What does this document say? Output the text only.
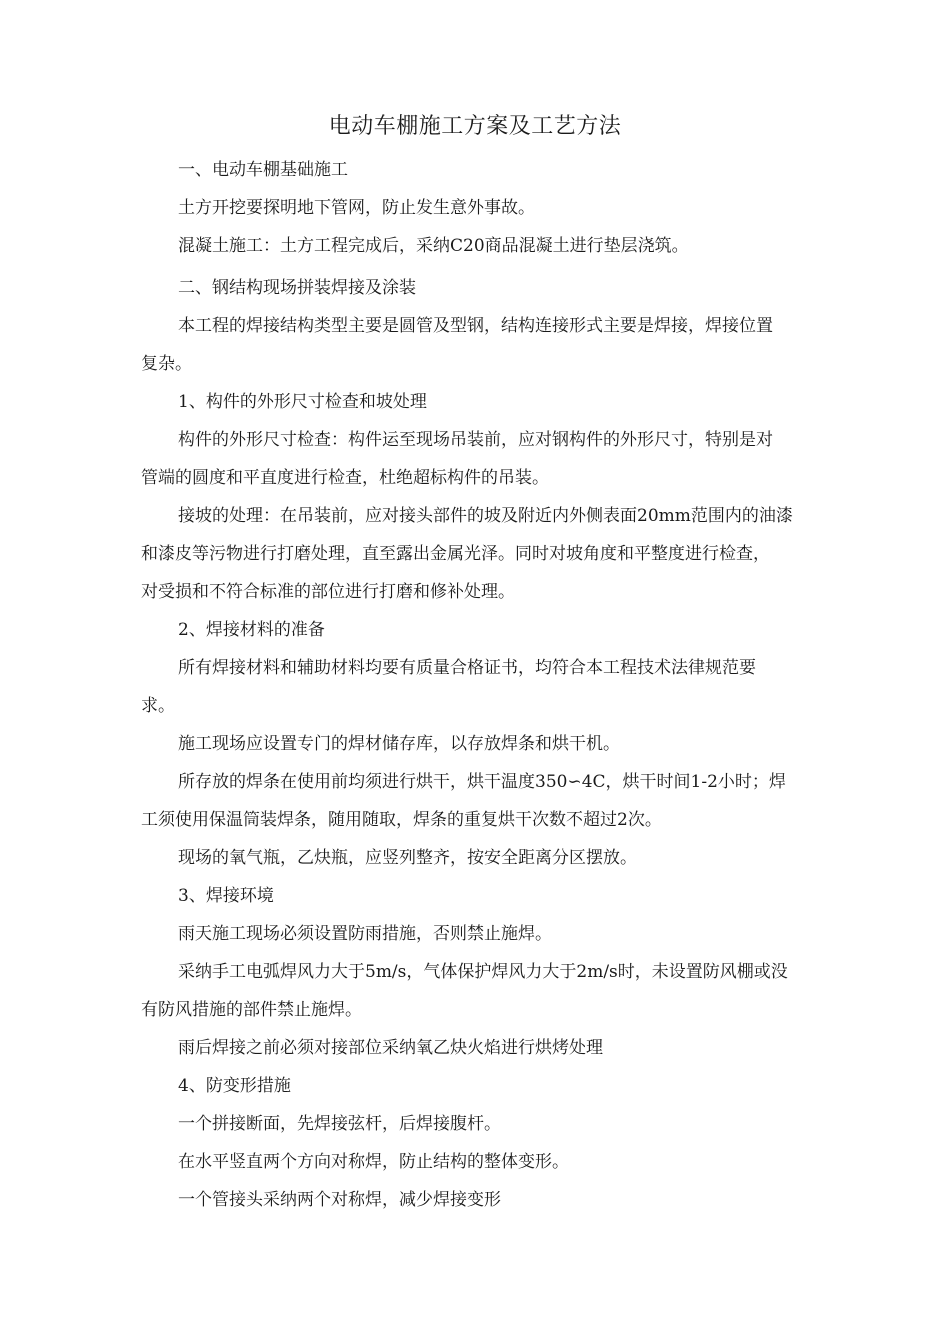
电动车棚施工方案及工艺方法
一、电动车棚基础施工
土方开挖要探明地下管网，防止发生意外事故。
混凝土施工：土方工程完成后，采纳C20商品混凝土进行垫层浇筑。
二、钢结构现场拼装焊接及涂装
本工程的焊接结构类型主要是圆管及型钢，结构连接形式主要是焊接，焊接位置
复杂。
1、构件的外形尺寸检查和坡处理
构件的外形尺寸检查：构件运至现场吊装前，应对钢构件的外形尺寸，特别是对
管端的圆度和平直度进行检查，杜绝超标构件的吊装。
接坡的处理：在吊装前，应对接头部件的坡及附近内外侧表面20mm范围内的油漆
和漆皮等污物进行打磨处理，直至露出金属光泽。同时对坡角度和平整度进行检查，
对受损和不符合标准的部位进行打磨和修补处理。
2、焊接材料的准备
所有焊接材料和辅助材料均要有质量合格证书，均符合本工程技术法律规范要
求。
施工现场应设置专门的焊材储存库，以存放焊条和烘干机。
所存放的焊条在使用前均须进行烘干，烘干温度350∽4C，烘干时间1-2小时；焊
工须使用保温筒装焊条，随用随取，焊条的重复烘干次数不超过2次。
现场的氧气瓶，乙炔瓶，应竖列整齐，按安全距离分区摆放。
3、焊接环境
雨天施工现场必须设置防雨措施，否则禁止施焊。
采纳手工电弧焊风力大于5m/s，气体保护焊风力大于2m/s时，未设置防风棚或没
有防风措施的部件禁止施焊。
雨后焊接之前必须对接部位采纳氧乙炔火焰进行烘烤处理
4、防变形措施
一个拼接断面，先焊接弦杆，后焊接腹杆。
在水平竖直两个方向对称焊，防止结构的整体变形。
一个管接头采纳两个对称焊，减少焊接变形
